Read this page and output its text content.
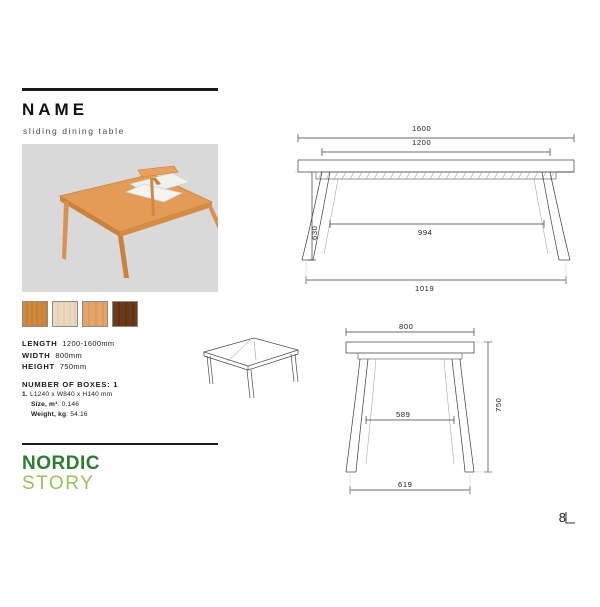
NAME
sliding dining table
LENGTH 1200-1600mm
WIDTH 800mm
HEIGHT 750mm
NUMBER OF BOXES: 1
1. L1240 x W840 x H140 mm
Size, m³: 0.146
Weight, kg: 54.16
NORDIC
STORY
1600
1200
630	994
1019
800
589
750
619
8
